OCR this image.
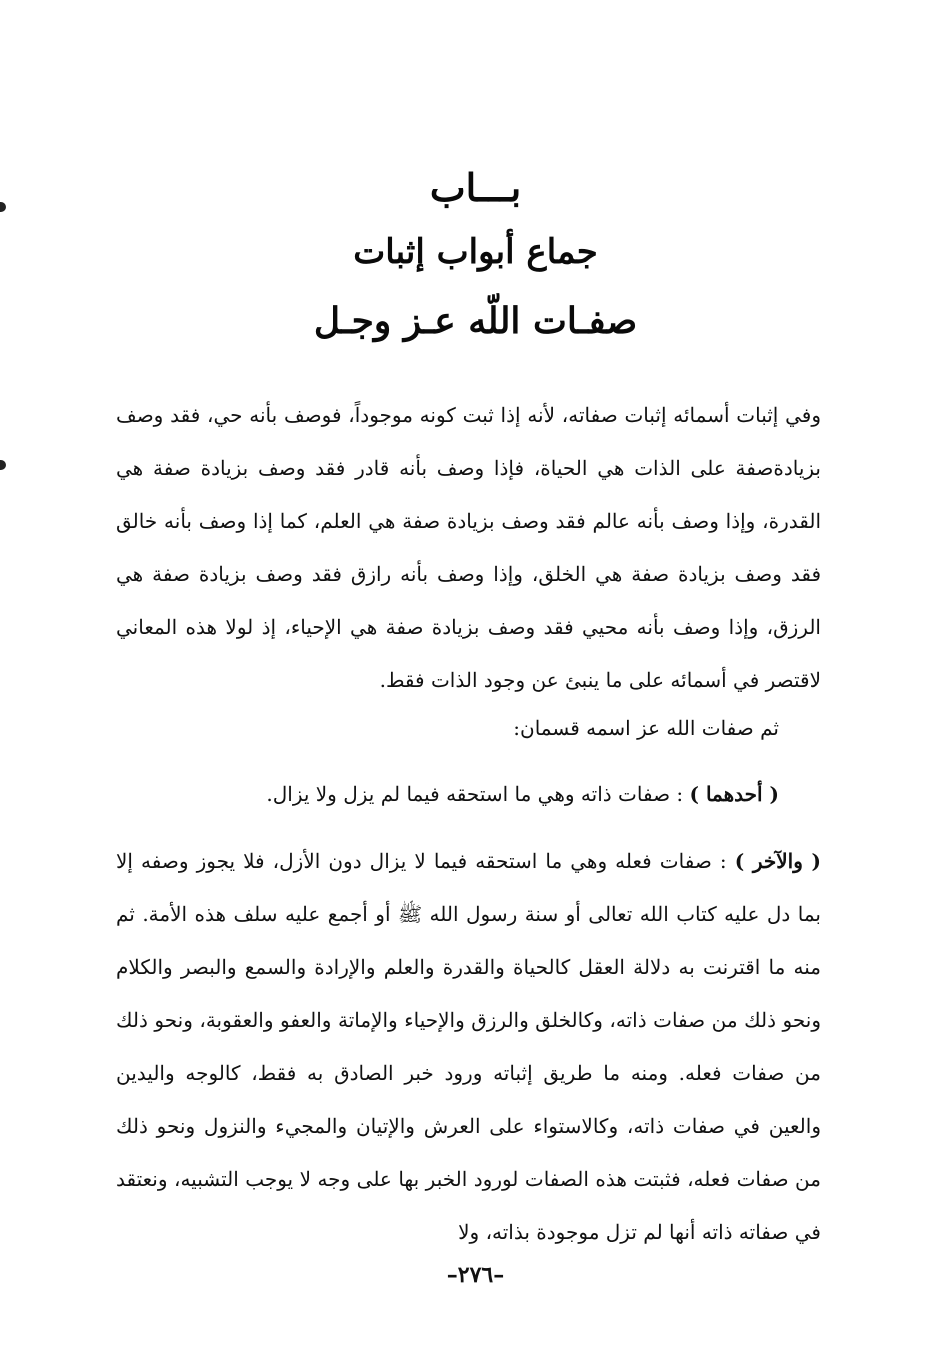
بـــاب
جماع أبواب إثبات
صفـات اللّه عـز وجـل

وفي إثبات أسمائه إثبات صفاته، لأنه إذا ثبت كونه موجوداً، فوصف بأنه حي، فقد وصف بزيادةصفة على الذات هي الحياة، فإذا وصف بأنه قادر فقد وصف بزيادة صفة هي القدرة، وإذا وصف بأنه عالم فقد وصف بزيادة صفة هي العلم، كما إذا وصف بأنه خالق فقد وصف بزيادة صفة هي الخلق، وإذا وصف بأنه رازق فقد وصف بزيادة صفة هي الرزق، وإذا وصف بأنه محيي فقد وصف بزيادة صفة هي الإحياء، إذ لولا هذه المعاني لاقتصر في أسمائه على ما ينبئ عن وجود الذات فقط.

ثم صفات الله عز اسمه قسمان:

( أحدهما ) : صفات ذاته وهي ما استحقه فيما لم يزل ولا يزال.

( والآخر ) : صفات فعله وهي ما استحقه فيما لا يزال دون الأزل، فلا يجوز وصفه إلا بما دل عليه كتاب الله تعالى أو سنة رسول الله ﷺ أو أجمع عليه سلف هذه الأمة. ثم منه ما اقترنت به دلالة العقل كالحياة والقدرة والعلم والإرادة والسمع والبصر والكلام ونحو ذلك من صفات ذاته، وكالخلق والرزق والإحياء والإماتة والعفو والعقوبة، ونحو ذلك من صفات فعله. ومنه ما طريق إثباته ورود خبر الصادق به فقط، كالوجه واليدين والعين في صفات ذاته، وكالاستواء على العرش والإتيان والمجيء والنزول ونحو ذلك من صفات فعله، فثبتت هذه الصفات لورود الخبر بها على وجه لا يوجب التشبيه، ونعتقد في صفاته ذاته أنها لم تزل موجودة بذاته، ولا

–٢٧٦–
